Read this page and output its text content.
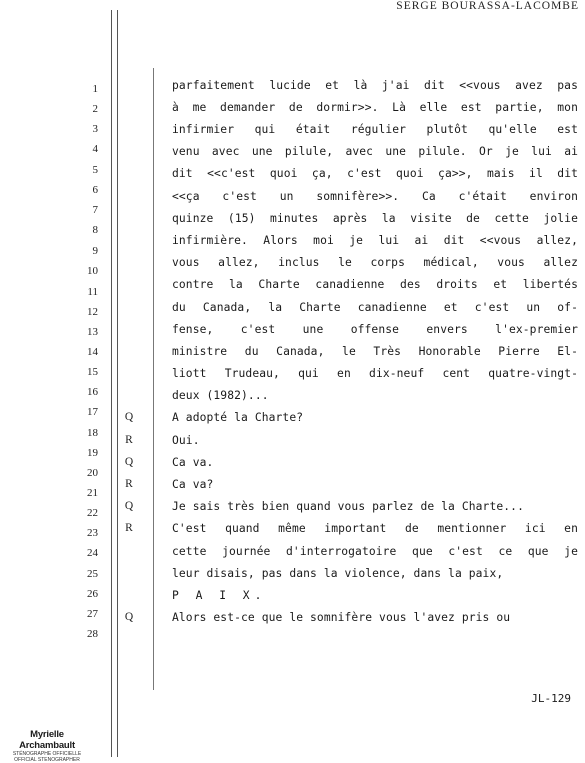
SERGE BOURASSA-LACOMBE
1
2
3
4
5
6
7
8
9
10
11
12
13
14
15
16
17
18
19
20
21
22
23
24
25
26
27
28
Q
R
Q
R
Q
R
Q
parfaitement lucide et là j'ai dit <<vous avez pas
à me demander de dormir>>. Là elle est partie, mon
infirmier qui était régulier plutôt qu'elle est
venu avec une pilule, avec une pilule. Or je lui ai
dit <<c'est quoi ça, c'est quoi ça>>, mais il dit
<<ça c'est un somnifère>>. Ca c'était environ
quinze (15) minutes après la visite de cette jolie
infirmière. Alors moi je lui ai dit <<vous allez,
vous allez, inclus le corps médical, vous allez
contre la Charte canadienne des droits et libertés
du Canada, la Charte canadienne et c'est un of-
fense, c'est une offense envers l'ex-premier
ministre du Canada, le Très Honorable Pierre El-
liott Trudeau, qui en dix-neuf cent quatre-vingt-
deux (1982)...
A adopté la Charte?
Oui.
Ca va.
Ca va?
Je sais très bien quand vous parlez de la Charte...
C'est quand même important de mentionner ici en
cette journée d'interrogatoire que c'est ce que je
leur disais, pas dans la violence, dans la paix,
P A I X.
Alors est-ce que le somnifère vous l'avez pris ou
JL-129
Myrielle Archambault
STÉNOGRAPHE OFFICIELLE
OFFICIAL STENOGRAPHER
